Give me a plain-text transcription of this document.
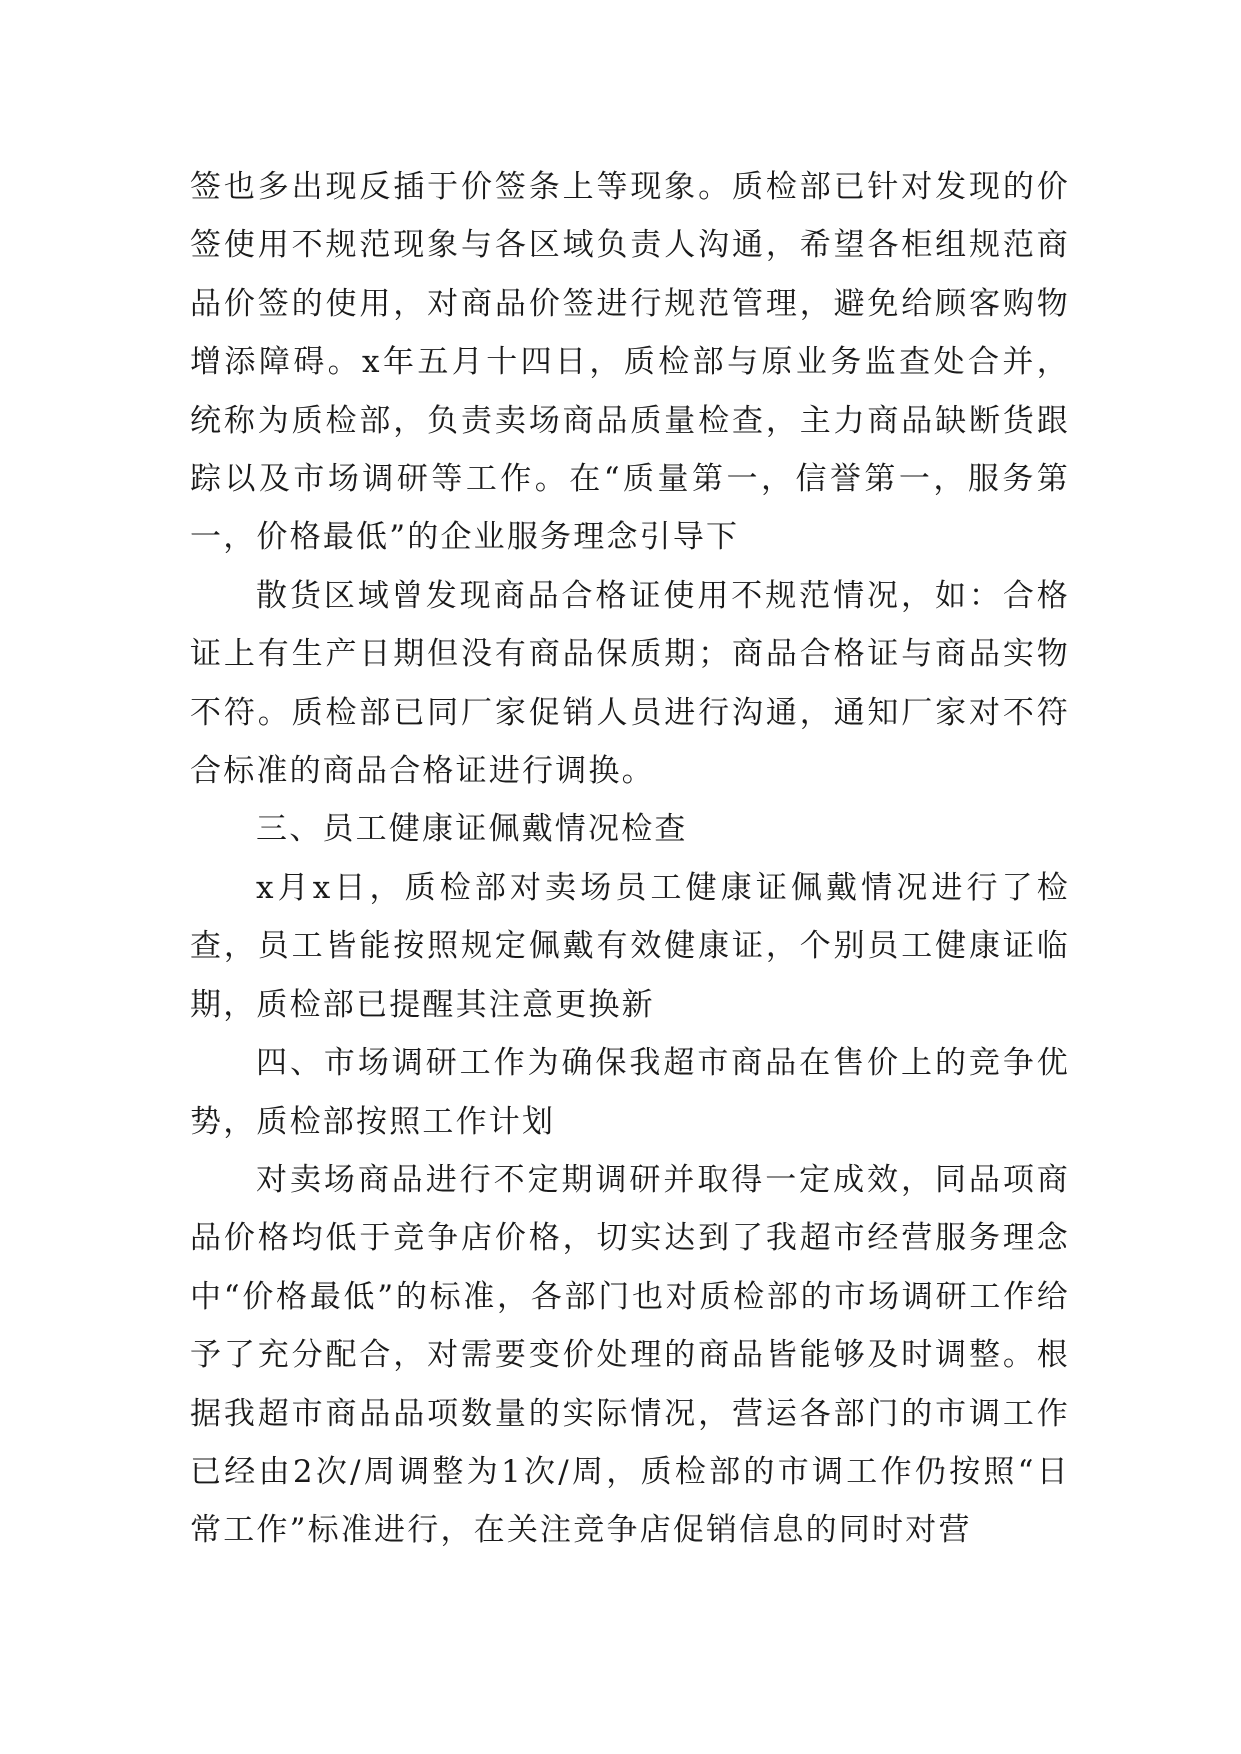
签也多出现反插于价签条上等现象。质检部已针对发现的价签使用不规范现象与各区域负责人沟通，希望各柜组规范商品价签的使用，对商品价签进行规范管理，避免给顾客购物增添障碍。x年五月十四日，质检部与原业务监查处合并，统称为质检部，负责卖场商品质量检查，主力商品缺断货跟踪以及市场调研等工作。在“质量第一，信誉第一，服务第一，价格最低”的企业服务理念引导下

散货区域曾发现商品合格证使用不规范情况，如：合格证上有生产日期但没有商品保质期；商品合格证与商品实物不符。质检部已同厂家促销人员进行沟通，通知厂家对不符合标准的商品合格证进行调换。

三、员工健康证佩戴情况检查

x月x日，质检部对卖场员工健康证佩戴情况进行了检查，员工皆能按照规定佩戴有效健康证，个别员工健康证临期，质检部已提醒其注意更换新

四、市场调研工作为确保我超市商品在售价上的竞争优势，质检部按照工作计划

对卖场商品进行不定期调研并取得一定成效，同品项商品价格均低于竞争店价格，切实达到了我超市经营服务理念中“价格最低”的标准，各部门也对质检部的市场调研工作给予了充分配合，对需要变价处理的商品皆能够及时调整。根据我超市商品品项数量的实际情况，营运各部门的市调工作已经由2次/周调整为1次/周，质检部的市调工作仍按照“日常工作”标准进行，在关注竞争店促销信息的同时对营
